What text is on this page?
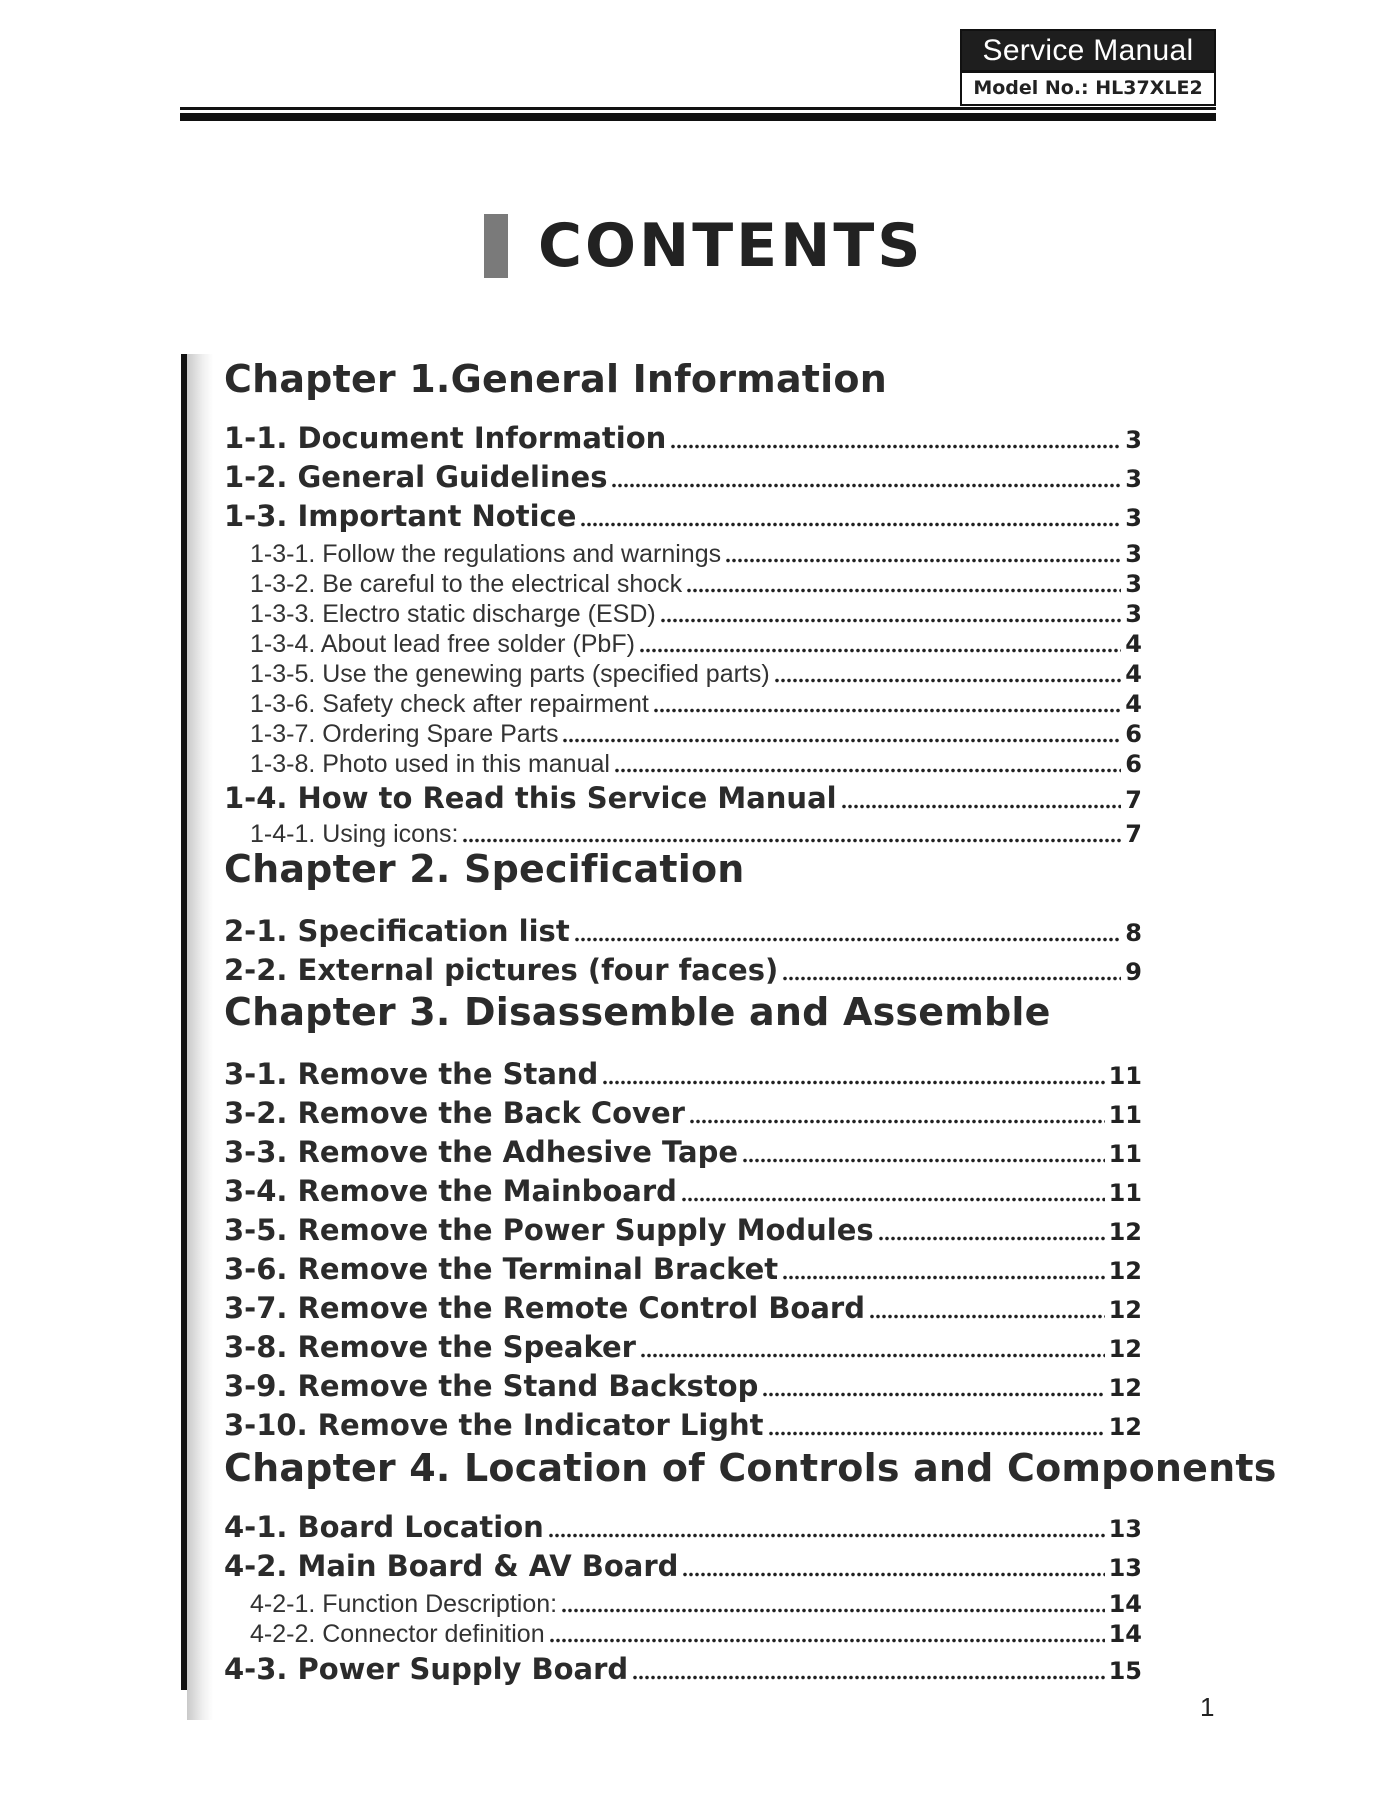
Service Manual
Model No.: HL37XLE2
CONTENTS
Chapter 1.General Information
1-1. Document Information	3
1-2. General Guidelines	3
1-3. Important Notice	3
1-3-1. Follow the regulations and warnings	3
1-3-2. Be careful to the electrical shock	3
1-3-3. Electro static discharge (ESD)	3
1-3-4. About lead free solder (PbF)	4
1-3-5. Use the genewing parts (specified parts)	4
1-3-6. Safety check after repairment	4
1-3-7. Ordering Spare Parts	6
1-3-8. Photo used in this manual	6
1-4. How to Read this Service Manual	7
1-4-1. Using icons:	7
Chapter 2. Specification
2-1. Specification list	8
2-2. External pictures (four faces)	9
Chapter 3. Disassemble and Assemble
3-1. Remove the Stand	11
3-2. Remove the Back Cover	11
3-3. Remove the Adhesive Tape	11
3-4. Remove the Mainboard	11
3-5. Remove the Power Supply Modules	12
3-6. Remove the Terminal Bracket	12
3-7. Remove the Remote Control Board	12
3-8. Remove the Speaker	12
3-9. Remove the Stand Backstop	12
3-10. Remove the Indicator Light	12
Chapter 4. Location of Controls and Components
4-1. Board Location	13
4-2. Main Board & AV Board	13
4-2-1. Function Description:	14
4-2-2. Connector definition	14
4-3. Power Supply Board	15
1
